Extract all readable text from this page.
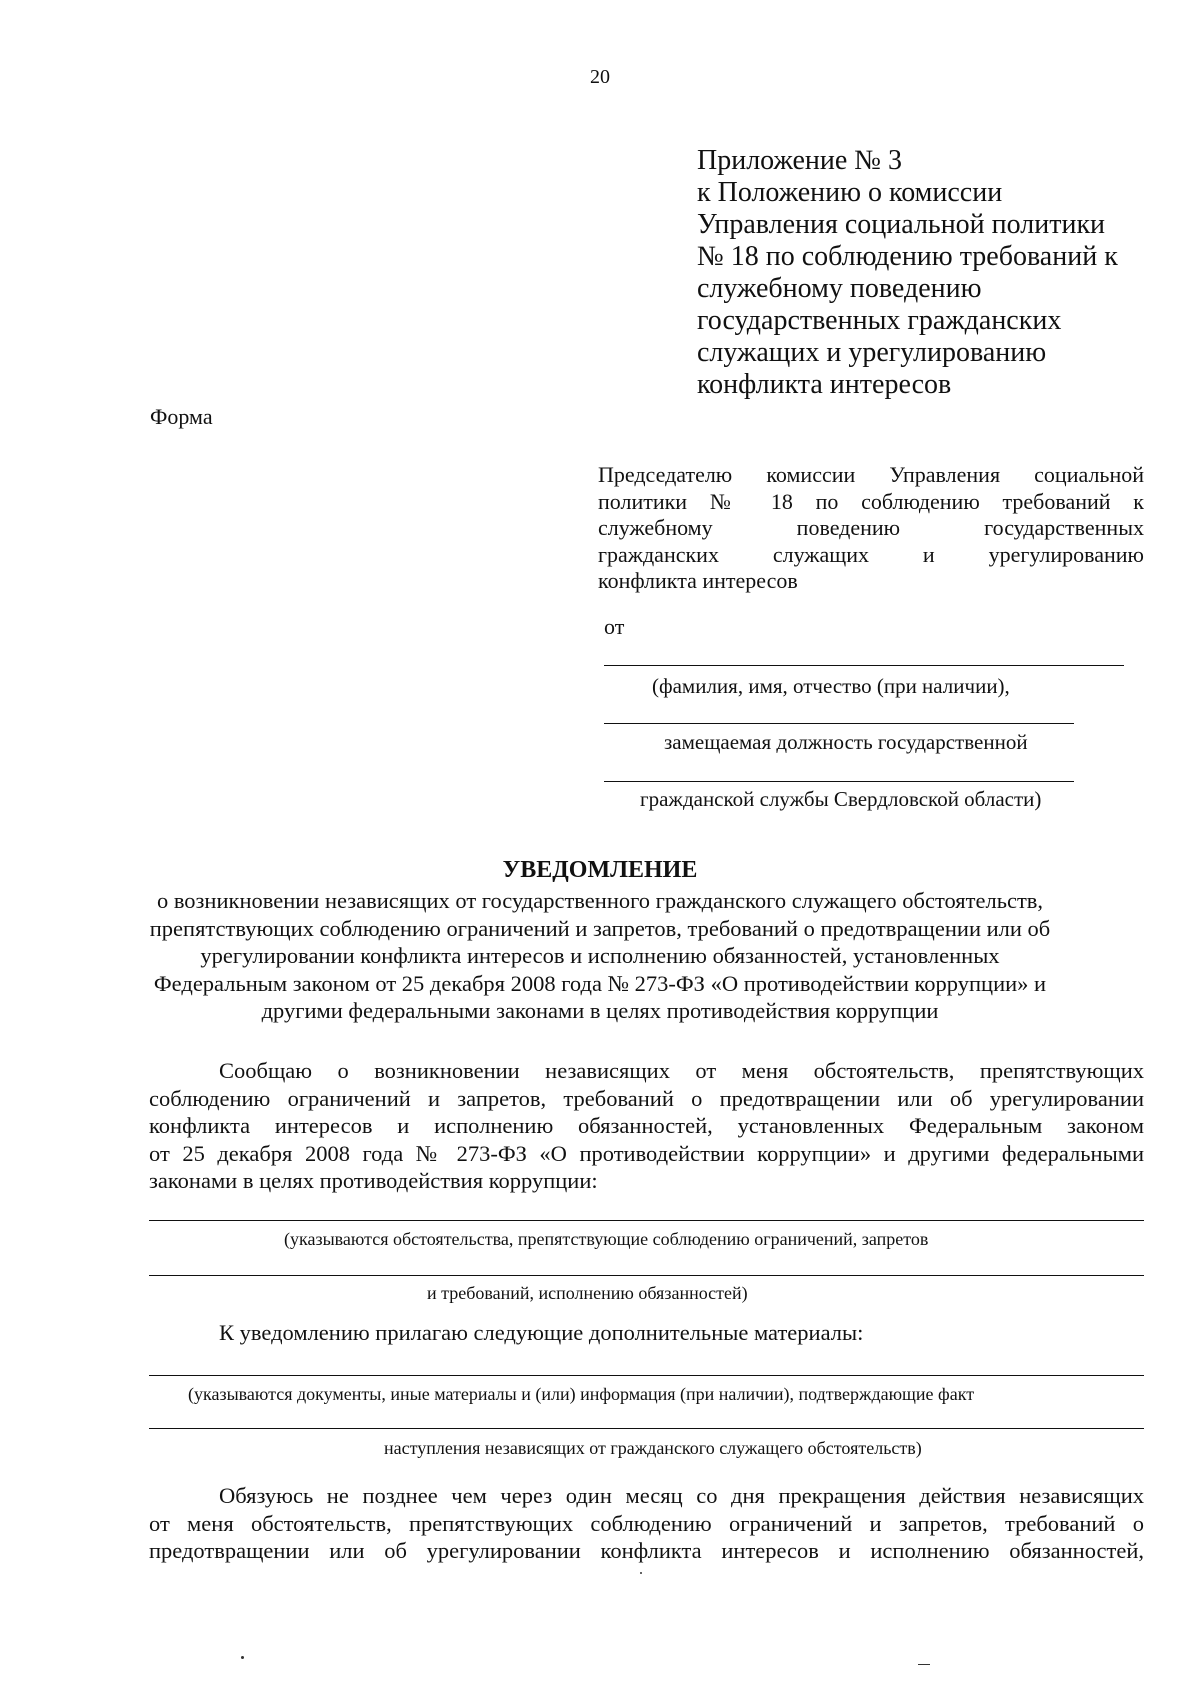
20
Приложение № 3
к Положению о комиссии
Управления социальной политики
№ 18 по соблюдению требований к
служебному поведению
государственных гражданских
служащих и урегулированию
конфликта интересов
Форма
Председателю комиссии Управления социальной
политики № 18 по соблюдению требований к
служебному поведению государственных
гражданских служащих и урегулированию
конфликта интересов
от
(фамилия, имя, отчество (при наличии),
замещаемая должность государственной
гражданской службы Свердловской области)
УВЕДОМЛЕНИЕ
о возникновении независящих от государственного гражданского служащего обстоятельств,
препятствующих соблюдению ограничений и запретов, требований о предотвращении или об
урегулировании конфликта интересов и исполнению обязанностей, установленных
Федеральным законом от 25 декабря 2008 года № 273-ФЗ «О противодействии коррупции» и
другими федеральными законами в целях противодействия коррупции
Сообщаю о возникновении независящих от меня обстоятельств, препятствующих
соблюдению ограничений и запретов, требований о предотвращении или об урегулировании
конфликта интересов и исполнению обязанностей, установленных Федеральным законом
от 25 декабря 2008 года № 273-ФЗ «О противодействии коррупции» и другими федеральными
законами в целях противодействия коррупции:
(указываются обстоятельства, препятствующие соблюдению ограничений, запретов
и требований, исполнению обязанностей)
К уведомлению прилагаю следующие дополнительные материалы:
(указываются документы, иные материалы и (или) информация (при наличии), подтверждающие факт
наступления независящих от гражданского служащего обстоятельств)
Обязуюсь не позднее чем через один месяц со дня прекращения действия независящих
от меня обстоятельств, препятствующих соблюдению ограничений и запретов, требований о
предотвращении или об урегулировании конфликта интересов и исполнению обязанностей,
